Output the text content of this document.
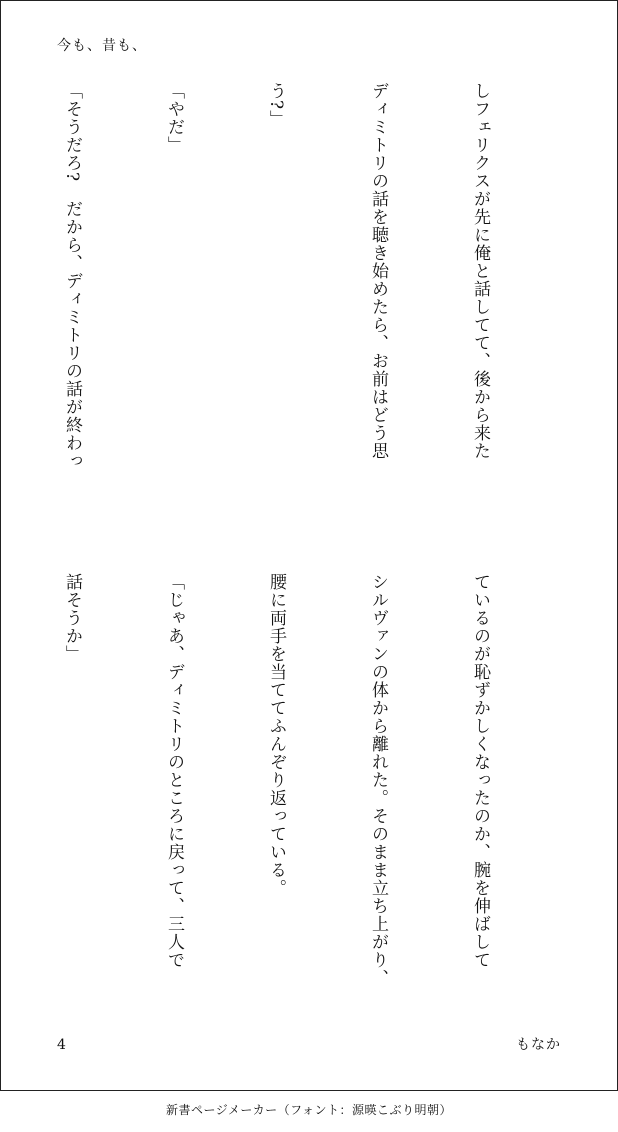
今も、昔も、

しフェリクスが先に俺と話してて、後から来た

ディミトリの話を聴き始めたら、お前はどう思

う?」

「やだ」

「そうだろ?　だから、ディミトリの話が終わっ

ているのが恥ずかしくなったのか、腕を伸ばして

シルヴァンの体から離れた。そのまま立ち上がり、

腰に両手を当ててふんぞり返っている。

「じゃあ、ディミトリのところに戻って、三人で

話そうか」

4	もなか
新書ページメーカー（フォント：源暎こぶり明朝）
